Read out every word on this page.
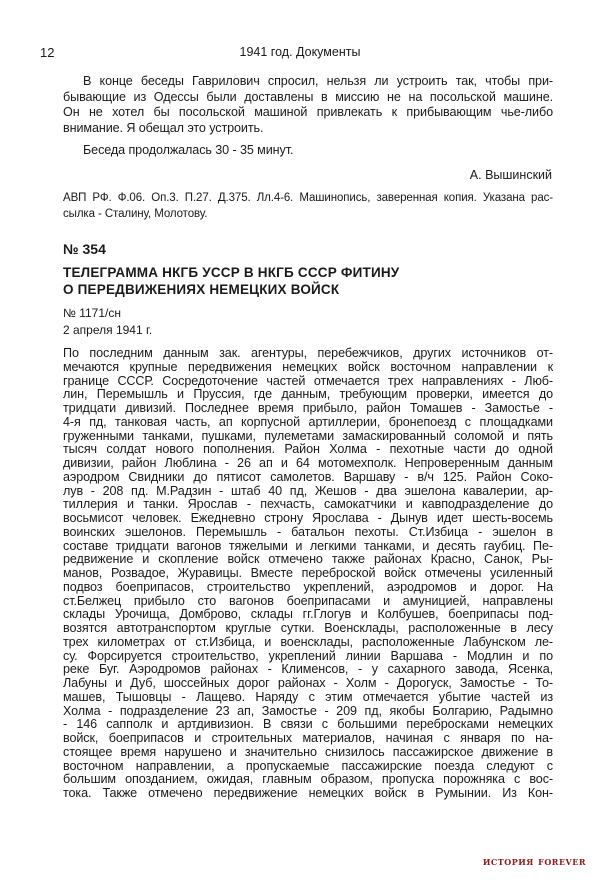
12	1941 год. Документы
В конце беседы Гаврилович спросил, нельзя ли устроить так, чтобы при-
бывающие из Одессы были доставлены в миссию не на посольской машине.
Он не хотел бы посольской машиной привлекать к прибывающим чье-либо
внимание. Я обещал это устроить.
Беседа продолжалась 30 - 35 минут.
А. Вышинский
АВП РФ. Ф.06. Оп.3. П.27. Д.375. Лл.4-6. Машинопись, заверенная копия. Указана рас-
сылка - Сталину, Молотову.
№ 354
ТЕЛЕГРАММА НКГБ УССР В НКГБ СССР ФИТИНУ
О ПЕРЕДВИЖЕНИЯХ НЕМЕЦКИХ ВОЙСК
№ 1171/сн
2 апреля 1941 г.
По последним данным зак. агентуры, перебежчиков, других источников от-
мечаются крупные передвижения немецких войск восточном направлении к
границе СССР. Сосредоточение частей отмечается трех направлениях - Люб-
лин, Перемышль и Пруссия, где данным, требующим проверки, имеется до
тридцати дивизий. Последнее время прибыло, район Томашев - Замостье -
4-я пд, танковая часть, ап корпусной артиллерии, бронепоезд с площадками
груженными танками, пушками, пулеметами замаскированный соломой и пять
тысяч солдат нового пополнения. Район Холма - пехотные части до одной
дивизии, район Люблина - 26 ап и 64 мотомехполк. Непроверенным данным
аэродром Свидники до пятисот самолетов. Варшаву - в/ч 125. Район Соко-
лув - 208 пд. М.Радзин - штаб 40 пд, Жешов - два эшелона кавалерии, ар-
тиллерия и танки. Ярослав - пехчасть, самокатчики и кавподразделение до
восьмисот человек. Ежедневно строну Ярослава - Дынув идет шесть-восемь
воинских эшелонов. Перемышль - батальон пехоты. Ст.Избица - эшелон в
составе тридцати вагонов тяжелыми и легкими танками, и десять гаубиц. Пе-
редвижение и скопление войск отмечено также районах Красно, Санок, Ры-
манов, Розвадое, Журавицы. Вместе переброской войск отмечены усиленный
подвоз боеприпасов, строительство укреплений, аэродромов и дорог. На
ст.Белжец прибыло сто вагонов боеприпасами и амуницией, направлены
склады Урочища, Домброво, склады гг.Глогув и Колбушев, боеприпасы под-
возятся автотранспортом круглые сутки. Военсклады, расположенные в лесу
трех километрах от ст.Избица, и военсклады, расположенные Лабунском ле-
су. Форсируется строительство, укреплений линии Варшава - Модлин и по
реке Буг. Аэродромов районах - Клименсов, - у сахарного завода, Ясенка,
Лабуны и Дуб, шоссейных дорог районах - Холм - Дорогуск, Замостье - То-
машев, Тышовцы - Лащево. Наряду с этим отмечается убытие частей из
Холма - подразделение 23 ап, Замостье - 209 пд, якобы Болгарию, Радымно
- 146 сапполк и артдивизион. В связи с большими перебросками немецких
войск, боеприпасов и строительных материалов, начиная с января по на-
стоящее время нарушено и значительно снизилось пассажирское движение в
восточном направлении, а пропускаемые пассажирские поезда следуют с
большим опозданием, ожидая, главным образом, пропуска порожняка с вос-
тока. Также отмечено передвижение немецких войск в Румынии. Из Кон-
история forever
